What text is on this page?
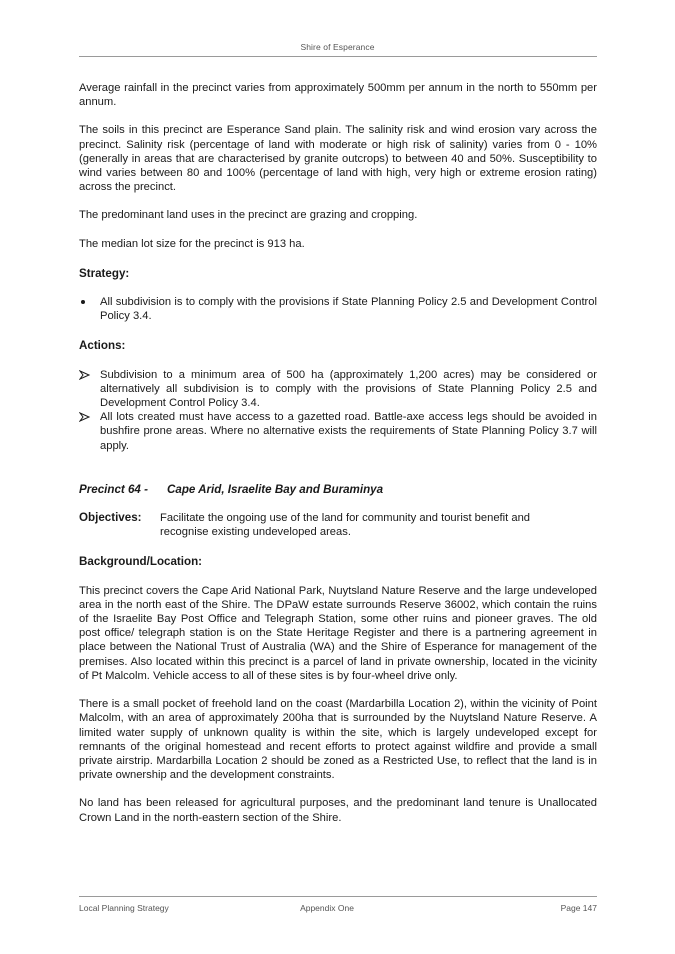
Shire of Esperance

Average rainfall in the precinct varies from approximately 500mm per annum in the north to 550mm per annum.

The soils in this precinct are Esperance Sand plain. The salinity risk and wind erosion vary across the precinct. Salinity risk (percentage of land with moderate or high risk of salinity) varies from 0 - 10% (generally in areas that are characterised by granite outcrops) to between 40 and 50%. Susceptibility to wind varies between 80 and 100% (percentage of land with high, very high or extreme erosion rating) across the precinct.

The predominant land uses in the precinct are grazing and cropping.

The median lot size for the precinct is 913 ha.

Strategy:
All subdivision is to comply with the provisions if State Planning Policy 2.5 and Development Control Policy 3.4.
Actions:
Subdivision to a minimum area of 500 ha (approximately 1,200 acres) may be considered or alternatively all subdivision is to comply with the provisions of State Planning Policy 2.5 and Development Control Policy 3.4.
All lots created must have access to a gazetted road. Battle-axe access legs should be avoided in bushfire prone areas. Where no alternative exists the requirements of State Planning Policy 3.7 will apply.
Precinct 64 - Cape Arid, Israelite Bay and Buraminya
Objectives:	Facilitate the ongoing use of the land for community and tourist benefit and recognise existing undeveloped areas.
Background/Location:

This precinct covers the Cape Arid National Park, Nuytsland Nature Reserve and the large undeveloped area in the north east of the Shire. The DPaW estate surrounds Reserve 36002, which contain the ruins of the Israelite Bay Post Office and Telegraph Station, some other ruins and pioneer graves. The old post office/ telegraph station is on the State Heritage Register and there is a partnering agreement in place between the National Trust of Australia (WA) and the Shire of Esperance for management of the premises. Also located within this precinct is a parcel of land in private ownership, located in the vicinity of Pt Malcolm. Vehicle access to all of these sites is by four-wheel drive only.

There is a small pocket of freehold land on the coast (Mardarbilla Location 2), within the vicinity of Point Malcolm, with an area of approximately 200ha that is surrounded by the Nuytsland Nature Reserve. A limited water supply of unknown quality is within the site, which is largely undeveloped except for remnants of the original homestead and recent efforts to protect against wildfire and provide a small private airstrip. Mardarbilla Location 2 should be zoned as a Restricted Use, to reflect that the land is in private ownership and the development constraints.

No land has been released for agricultural purposes, and the predominant land tenure is Unallocated Crown Land in the north-eastern section of the Shire.

Local Planning Strategy	Appendix One	Page 147
